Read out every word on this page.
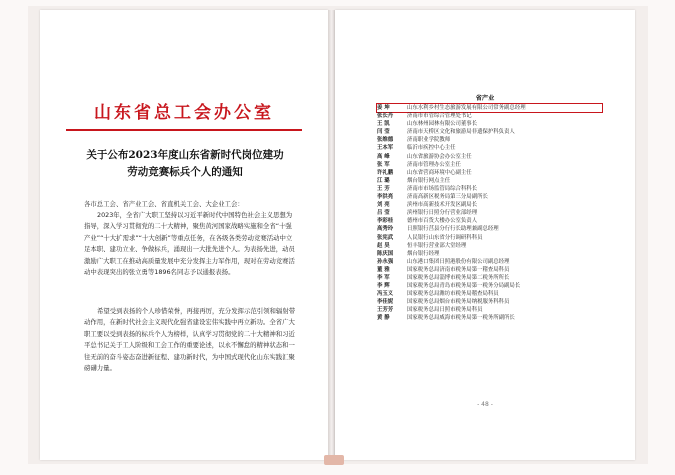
山东省总工会办公室
关于公布2023年度山东省新时代岗位建功
劳动竞赛标兵个人的通知
各市总工会、省产业工会、省直机关工会、大企业工会：
2023年，全省广大职工坚持以习近平新时代中国特色社会主义思想为指导，深入学习贯彻党的二十大精神，聚焦黄河国家战略实施和全省“十强产业”“十大扩需求”“十大创新”等重点任务，在各级各类劳动竞赛活动中立足本职、建功立业、争做标兵，涌现出一大批先进个人。为表扬先进，动员激励广大职工在推动高质量发展中充分发挥主力军作用，现对在劳动竞赛活动中表现突出的张立勇等1896名同志予以通报表扬。
希望受到表扬的个人珍惜荣誉，再接再厉，充分发挥示范引领和辐射带动作用，在新时代社会主义现代化强省建设宏伟实践中再立新功。全省广大职工要以受到表扬的标兵个人为榜样，认真学习贯彻党的二十大精神和习近平总书记关于工人阶级和工会工作的重要论述，以永不懈怠的精神状态和一往无前的奋斗姿态奋进新征程、建功新时代，为中国式现代化山东实践汇聚磅礴力量。
省产业
姜 坤	山东水利乡村生态旅游发展有限公司常务副总经理
张长丹	济南市市管综合管理处书记
王 凯	山东林州园林有限公司董事长
闫 莹	济南市天桥区文化和旅游局非遗保护科负责人
张维德	济南职业学院教师
王本军	临沂市疾控中心主任
高 峰	山东省旅游协会办公室主任
张 军	济南市管理办公室主任
许礼鹏	山东省营商环境中心副主任
江 璐	烟台银行网点主任
王 芳	济南市市场监管局综合科科长
李洪亮	济南高新区税务局第三分局副所长
刘 亮	滨州市高新技术开发区副局长
吕 莹	滨州银行日照分行营业部经理
李彩桂	德州市百货大楼办公室负责人
高秀玲	日照银行莒县分行行长助理兼副总经理
张宪武	人民银行山东省分行调研科科员
赵 昊	恒丰银行营业部大堂经理
陈庆国	烟台银行经理
孙永强	山东港口集团日照港股份有限公司副总经理
董 雅	国家税务总局济南市税务局第一稽查局科员
李 军	国家税务总局淄博市税务局第二税务所所长
李 辉	国家税务总局青岛市税务局第一税务分局副局长
冯玉义	国家税务总局潍坊市税务局稽查局科员
李佳妮	国家税务总局烟台市税务局纳税服务科科员
王芳芳	国家税务总局日照市税务局科员
黄 静	国家税务总局威海市税务局第一税务所副所长
- 48 -
